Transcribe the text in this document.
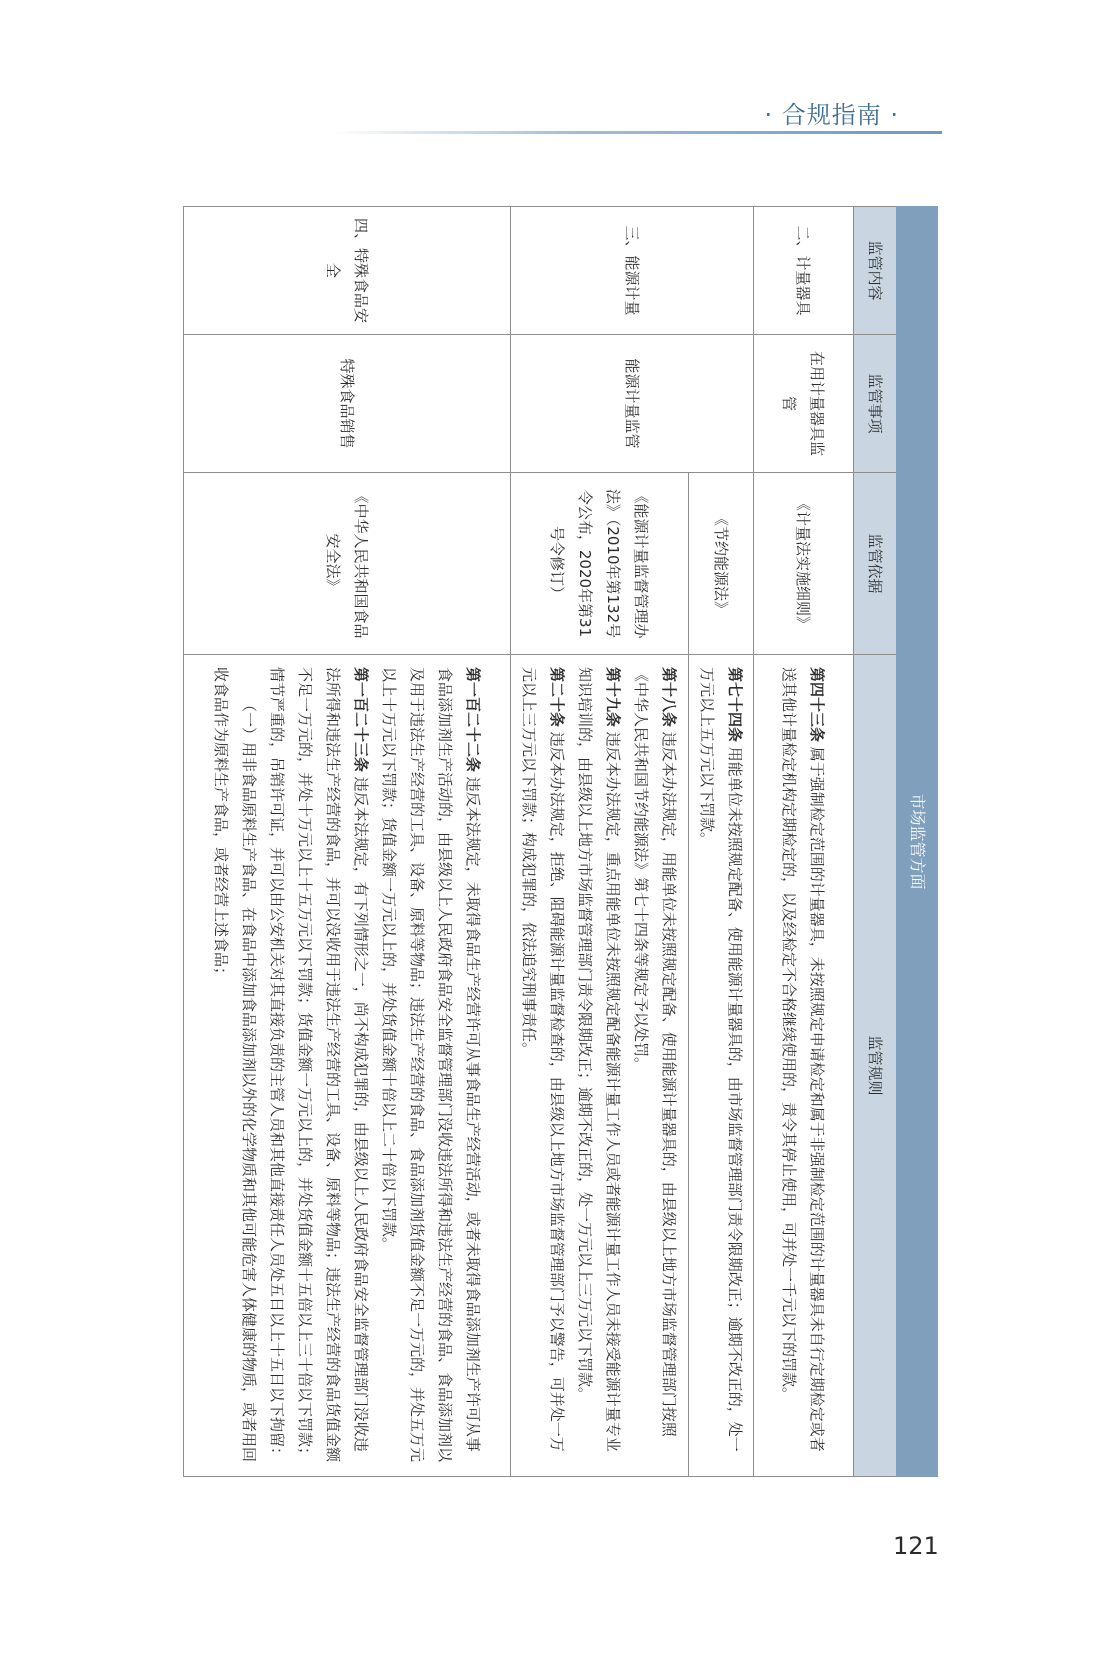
· 合规指南 ·
市场监管方面			
监管内容	监管事项	监管依据	监管规则
二、计量器具	在用计量器具监管	《计量法实施细则》	第四十三条 属于强制检定范围的计量器具，未按照规定申请检定和属于非强制检定范围的计量器具未自行定期检定或者送其他计量检定机构定期检定的，以及经检定不合格继续使用的，责令其停止使用，可并处一千元以下的罚款。

三、能源计量	能源计量监管	《节约能源法》	第七十四条 用能单位未按照规定配备、使用能源计量器具的，由市场监督管理部门责令限期改正；逾期不改正的，处一万元以上五万元以下罚款。

		《能源计量监督管理办法》（2010年第132号令公布，2020年第31号令修订）	第十八条 违反本办法规定，用能单位未按照规定配备、使用能源计量器具的，由县级以上地方市场监督管理部门按照《中华人民共和国节约能源法》第七十四条等规定予以处罚。

第十九条 违反本办法规定，重点用能单位未按照规定配备能源计量工作人员或者能源计量工作人员未接受能源计量专业知识培训的，由县级以上地方市场监督管理部门责令限期改正；逾期不改正的，处一万元以上三万元以下罚款。

第二十条 违反本办法规定，拒绝、阻碍能源计量监督检查的，由县级以上地方市场监督管理部门予以警告，可并处一万元以上三万元以下罚款；构成犯罪的，依法追究刑事责任。

四、特殊食品安全	特殊食品销售	《中华人民共和国食品安全法》	第一百二十二条 违反本法规定，未取得食品生产经营许可从事食品生产经营活动，或者未取得食品添加剂生产许可从事食品添加剂生产活动的，由县级以上人民政府食品安全监督管理部门没收违法所得和违法生产经营的食品、食品添加剂以及用于违法生产经营的工具、设备、原料等物品；违法生产经营的食品、食品添加剂货值金额不足一万元的，并处五万元以上十万元以下罚款；货值金额一万元以上的，并处货值金额十倍以上二十倍以下罚款。

第一百二十三条 违反本法规定，有下列情形之一，尚不构成犯罪的，由县级以上人民政府食品安全监督管理部门没收违法所得和违法生产经营的食品，并可以没收用于违法生产经营的工具、设备、原料等物品；违法生产经营的食品货值金额不足一万元的，并处十万元以上十五万元以下罚款；货值金额一万元以上的，并处货值金额十五倍以上三十倍以下罚款；情节严重的，吊销许可证，并可以由公安机关对其直接负责的主管人员和其他直接责任人员处五日以上十五日以下拘留：

（一）用非食品原料生产食品、在食品中添加食品添加剂以外的化学物质和其他可能危害人体健康的物质，或者用回收食品作为原料生产食品，或者经营上述食品；

121
